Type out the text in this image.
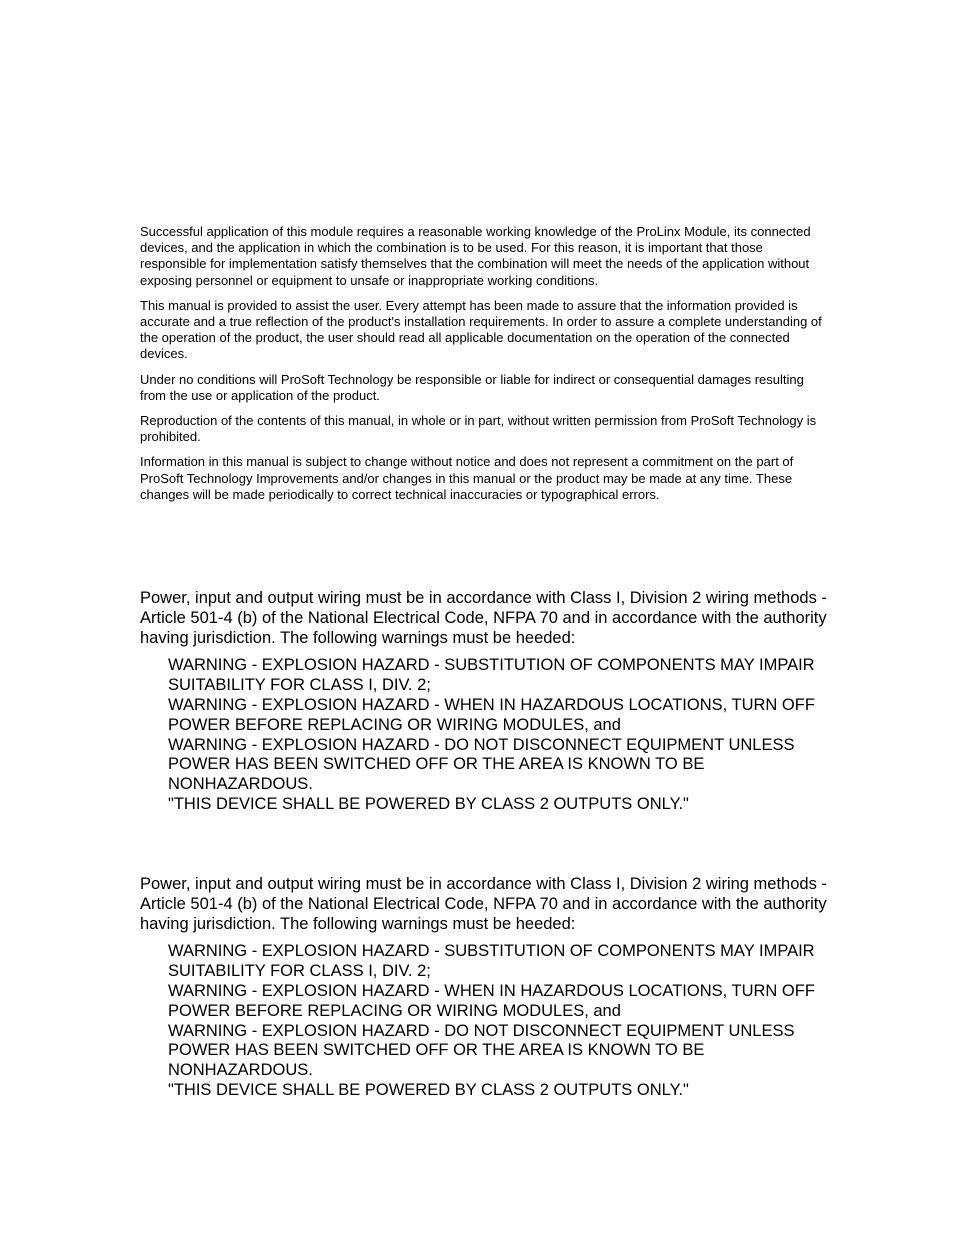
Successful application of this module requires a reasonable working knowledge of the ProLinx Module, its connected devices, and the application in which the combination is to be used. For this reason, it is important that those responsible for implementation satisfy themselves that the combination will meet the needs of the application without exposing personnel or equipment to unsafe or inappropriate working conditions.

This manual is provided to assist the user. Every attempt has been made to assure that the information provided is accurate and a true reflection of the product's installation requirements. In order to assure a complete understanding of the operation of the product, the user should read all applicable documentation on the operation of the connected devices.

Under no conditions will ProSoft Technology be responsible or liable for indirect or consequential damages resulting from the use or application of the product.

Reproduction of the contents of this manual, in whole or in part, without written permission from ProSoft Technology is prohibited.

Information in this manual is subject to change without notice and does not represent a commitment on the part of ProSoft Technology Improvements and/or changes in this manual or the product may be made at any time. These changes will be made periodically to correct technical inaccuracies or typographical errors.

Power, input and output wiring must be in accordance with Class I, Division 2 wiring methods - Article 501-4 (b) of the National Electrical Code, NFPA 70 and in accordance with the authority having jurisdiction. The following warnings must be heeded:

WARNING - EXPLOSION HAZARD - SUBSTITUTION OF COMPONENTS MAY IMPAIR SUITABILITY FOR CLASS I, DIV. 2;
WARNING - EXPLOSION HAZARD - WHEN IN HAZARDOUS LOCATIONS, TURN OFF POWER BEFORE REPLACING OR WIRING MODULES, and
WARNING - EXPLOSION HAZARD - DO NOT DISCONNECT EQUIPMENT UNLESS POWER HAS BEEN SWITCHED OFF OR THE AREA IS KNOWN TO BE NONHAZARDOUS.
"THIS DEVICE SHALL BE POWERED BY CLASS 2 OUTPUTS ONLY."

Power, input and output wiring must be in accordance with Class I, Division 2 wiring methods - Article 501-4 (b) of the National Electrical Code, NFPA 70 and in accordance with the authority having jurisdiction. The following warnings must be heeded:

WARNING - EXPLOSION HAZARD - SUBSTITUTION OF COMPONENTS MAY IMPAIR SUITABILITY FOR CLASS I, DIV. 2;
WARNING - EXPLOSION HAZARD - WHEN IN HAZARDOUS LOCATIONS, TURN OFF POWER BEFORE REPLACING OR WIRING MODULES, and
WARNING - EXPLOSION HAZARD - DO NOT DISCONNECT EQUIPMENT UNLESS POWER HAS BEEN SWITCHED OFF OR THE AREA IS KNOWN TO BE NONHAZARDOUS.
"THIS DEVICE SHALL BE POWERED BY CLASS 2 OUTPUTS ONLY."
